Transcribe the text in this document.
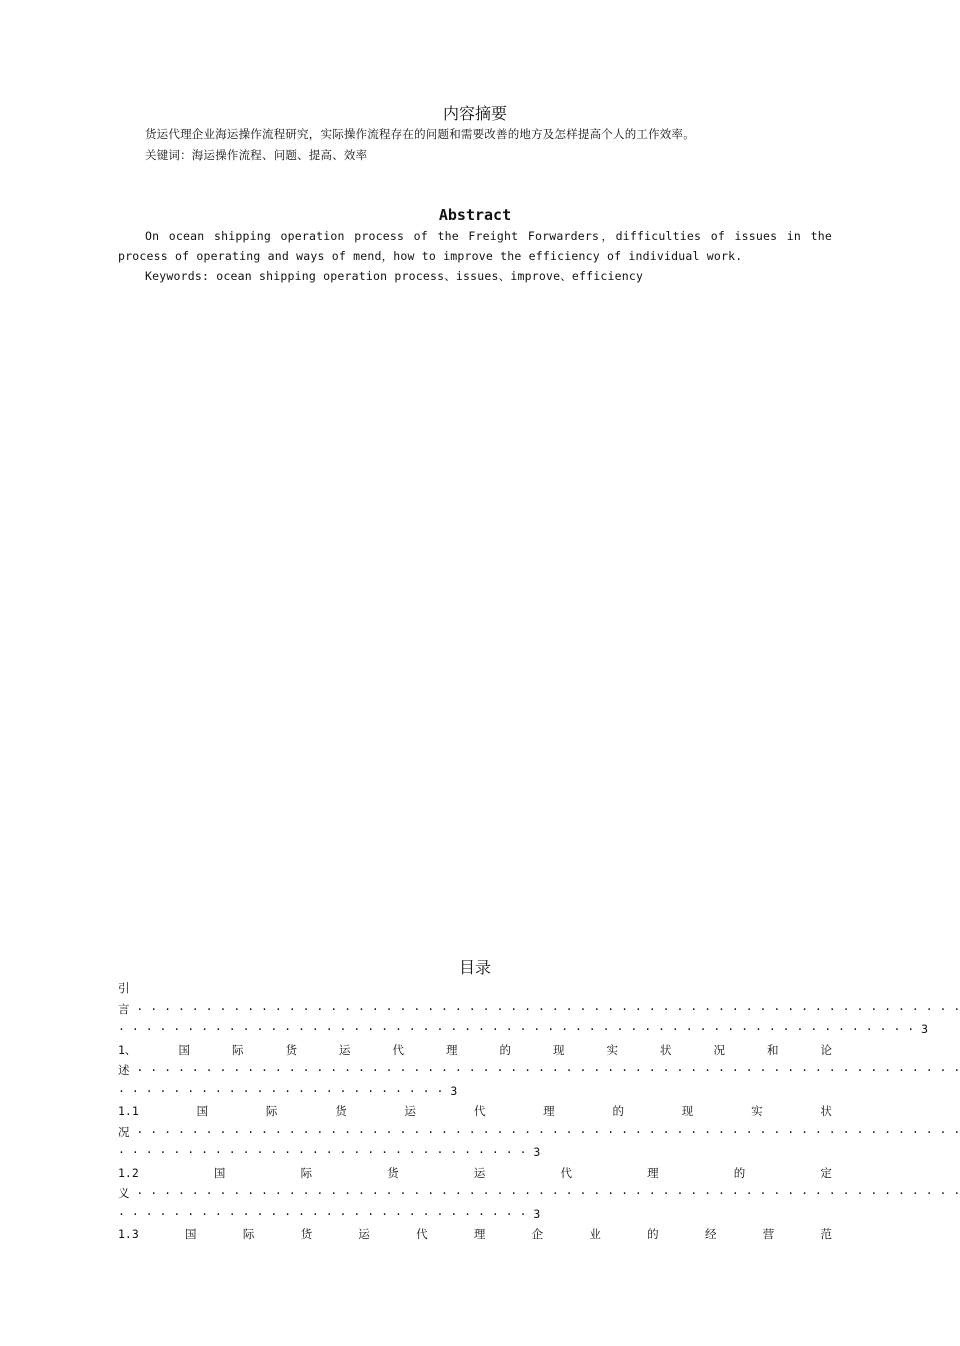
内容摘要
货运代理企业海运操作流程研究，实际操作流程存在的问题和需要改善的地方及怎样提高个人的工作效率。
关键词：海运操作流程、问题、提高、效率
Abstract
On ocean shipping operation process of the Freight Forwarders，difficulties of issues in the process of operating and ways of mend，how to improve the efficiency of individual work.
Keywords: ocean shipping operation process、issues、improve、efficiency
目录
引
言 · · · · · · · · · · · · · · · · · · · · · · · · · · · · · · · · · · · · · · · · · · · · · · · · · · · · · · · · · · · ·
· · · · · · · · · · · · · · · · · · · · · · · · · · · · · · · · · · · · · · · · · · · · · · · · · · · · · · · · · · 3
1、	国	际	货	运	代	理	的	现	实	状	况	和	论
述 · · · · · · · · · · · · · · · · · · · · · · · · · · · · · · · · · · · · · · · · · · · · · · · · · · · · · · · · · · · ·
· · · · · · · · · · · · · · · · · · · · · · · · 3
1.1	国	际	货	运	代	理	的	现	实	状
况 · · · · · · · · · · · · · · · · · · · · · · · · · · · · · · · · · · · · · · · · · · · · · · · · · · · · · · · · · · · ·
· · · · · · · · · · · · · · · · · · · · · · · · · · · · · · 3
1.2	国	际	货	运	代	理	的	定
义 · · · · · · · · · · · · · · · · · · · · · · · · · · · · · · · · · · · · · · · · · · · · · · · · · · · · · · · · · · · ·
· · · · · · · · · · · · · · · · · · · · · · · · · · · · · · 3
1.3	国	际	货	运	代	理	企	业	的	经	营	范
